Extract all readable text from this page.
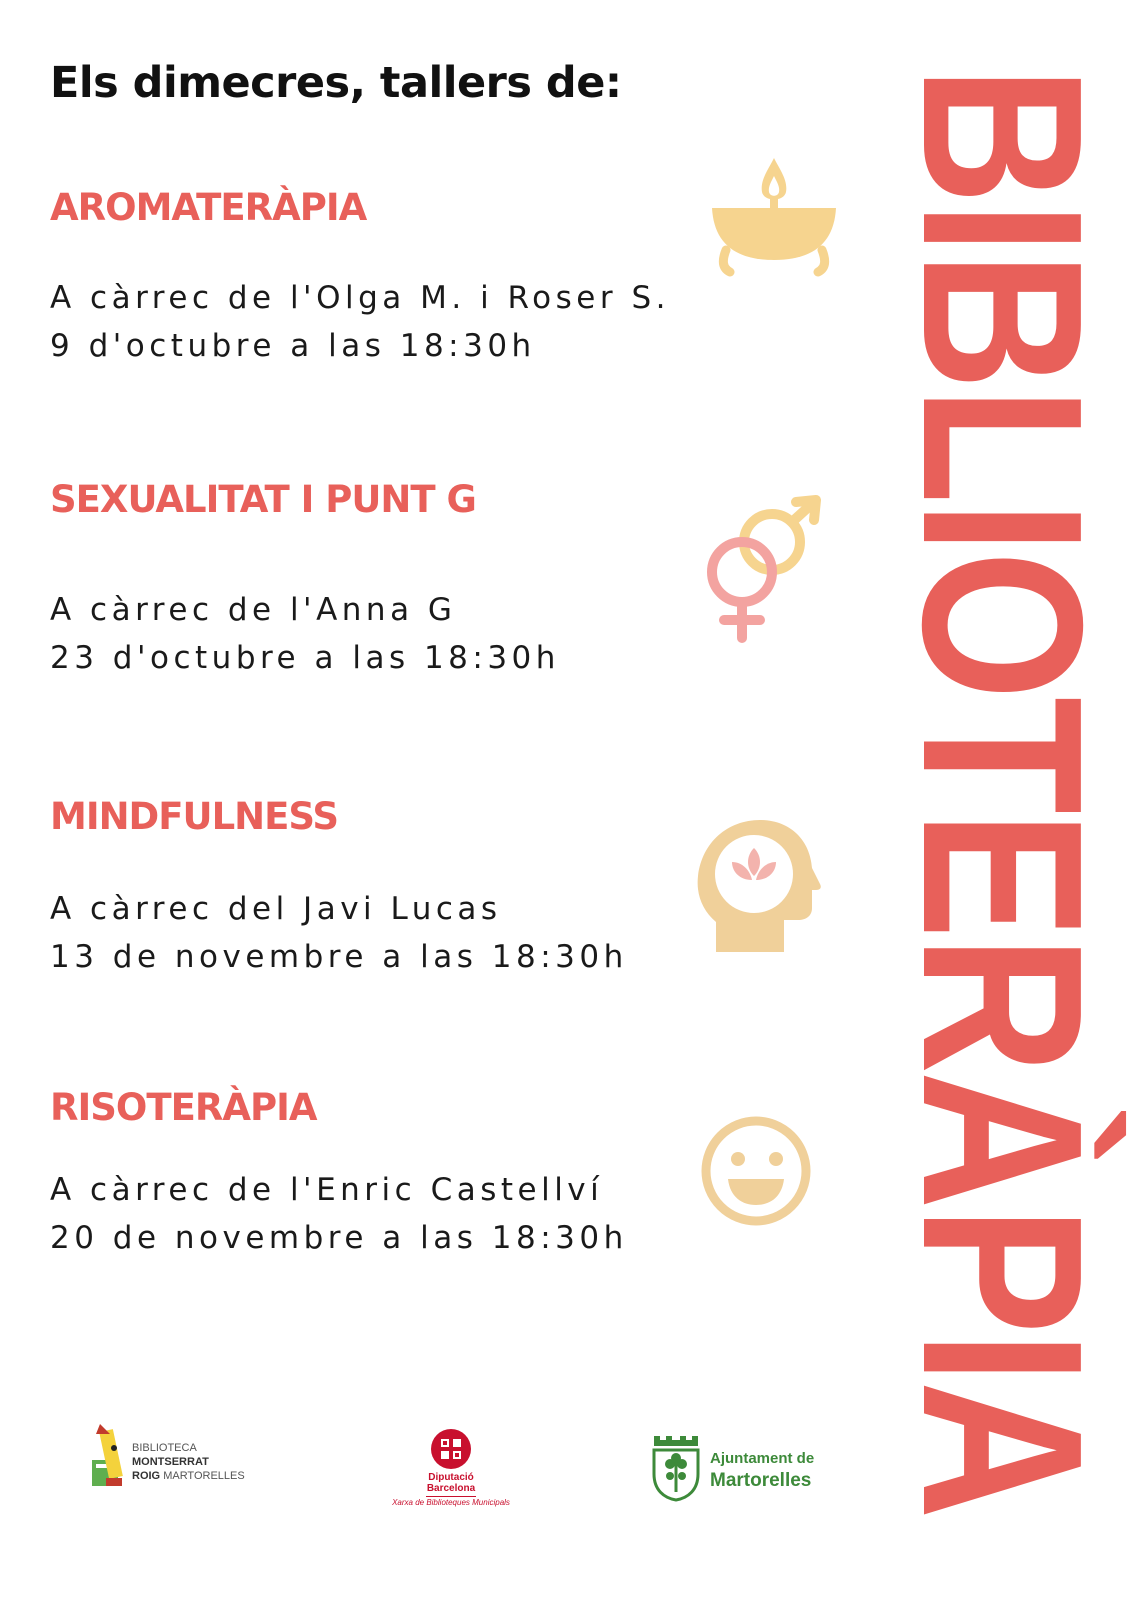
Els dimecres, tallers de:
AROMATERÀPIA
A càrrec de l'Olga M. i Roser S.
9 d'octubre a las 18:30h
SEXUALITAT I PUNT G
A càrrec de l'Anna G
23 d'octubre a las 18:30h
MINDFULNESS
A càrrec del Javi Lucas
13 de novembre a las 18:30h
RISOTERÀPIA
A càrrec de l'Enric Castellví
20 de novembre a las 18:30h	BIBLIOTERÀPIA
BIBLIOTECA
MONTSERRAT
ROIG MARTORELLES	Diputació
Barcelona
Xarxa de Biblioteques Municipals
Ajuntament de
Martorelles
